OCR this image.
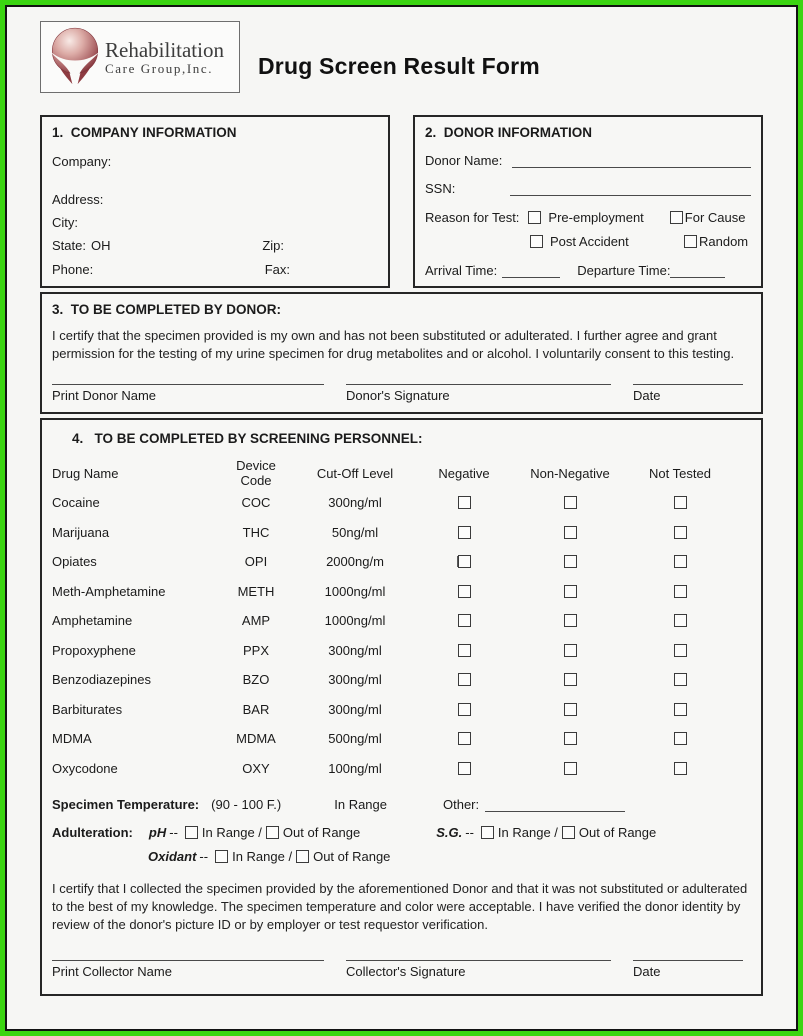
Rehabilitation
Care Group,Inc.	Drug Screen Result Form
1.  COMPANY INFORMATION
Company:
Address:
City:
State: OH	Zip:
Phone:	Fax:
2.  DONOR INFORMATION
Donor Name:
SSN:
Reason for Test: Pre-employment	For Cause
Post Accident	Random
Arrival Time:	Departure Time:
3.  TO BE COMPLETED BY DONOR:

I certify that the specimen provided is my own and has not been substituted or adulterated. I further agree and grant permission for the testing of my urine specimen for drug metabolites and or alcohol. I voluntarily consent to this testing.

Print Donor Name	Donor's Signature	Date
4.   TO BE COMPLETED BY SCREENING PERSONNEL:
Drug Name	Device Code	Cut-Off Level	Negative	Non-Negative	Not Tested
Cocaine	COC	300ng/ml
Marijuana	THC	50ng/ml
Opiates	OPI	2000ng/m
Meth-Amphetamine	METH	1000ng/ml
Amphetamine	AMP	1000ng/ml
Propoxyphene	PPX	300ng/ml
Benzodiazepines	BZO	300ng/ml
Barbiturates	BAR	300ng/ml
MDMA	MDMA	500ng/ml
Oxycodone	OXY	100ng/ml
Specimen Temperature: (90 - 100 F.)	In Range	Other:
Adulteration: pH -- In Range / Out of Range	S.G. -- In Range / Out of Range
Oxidant -- In Range / Out of Range

I certify that I collected the specimen provided by the aforementioned Donor and that it was not substituted or adulterated to the best of my knowledge. The specimen temperature and color were acceptable. I have verified the donor identity by review of the donor's picture ID or by employer or test requestor verification.

Print Collector Name	Collector's Signature	Date
